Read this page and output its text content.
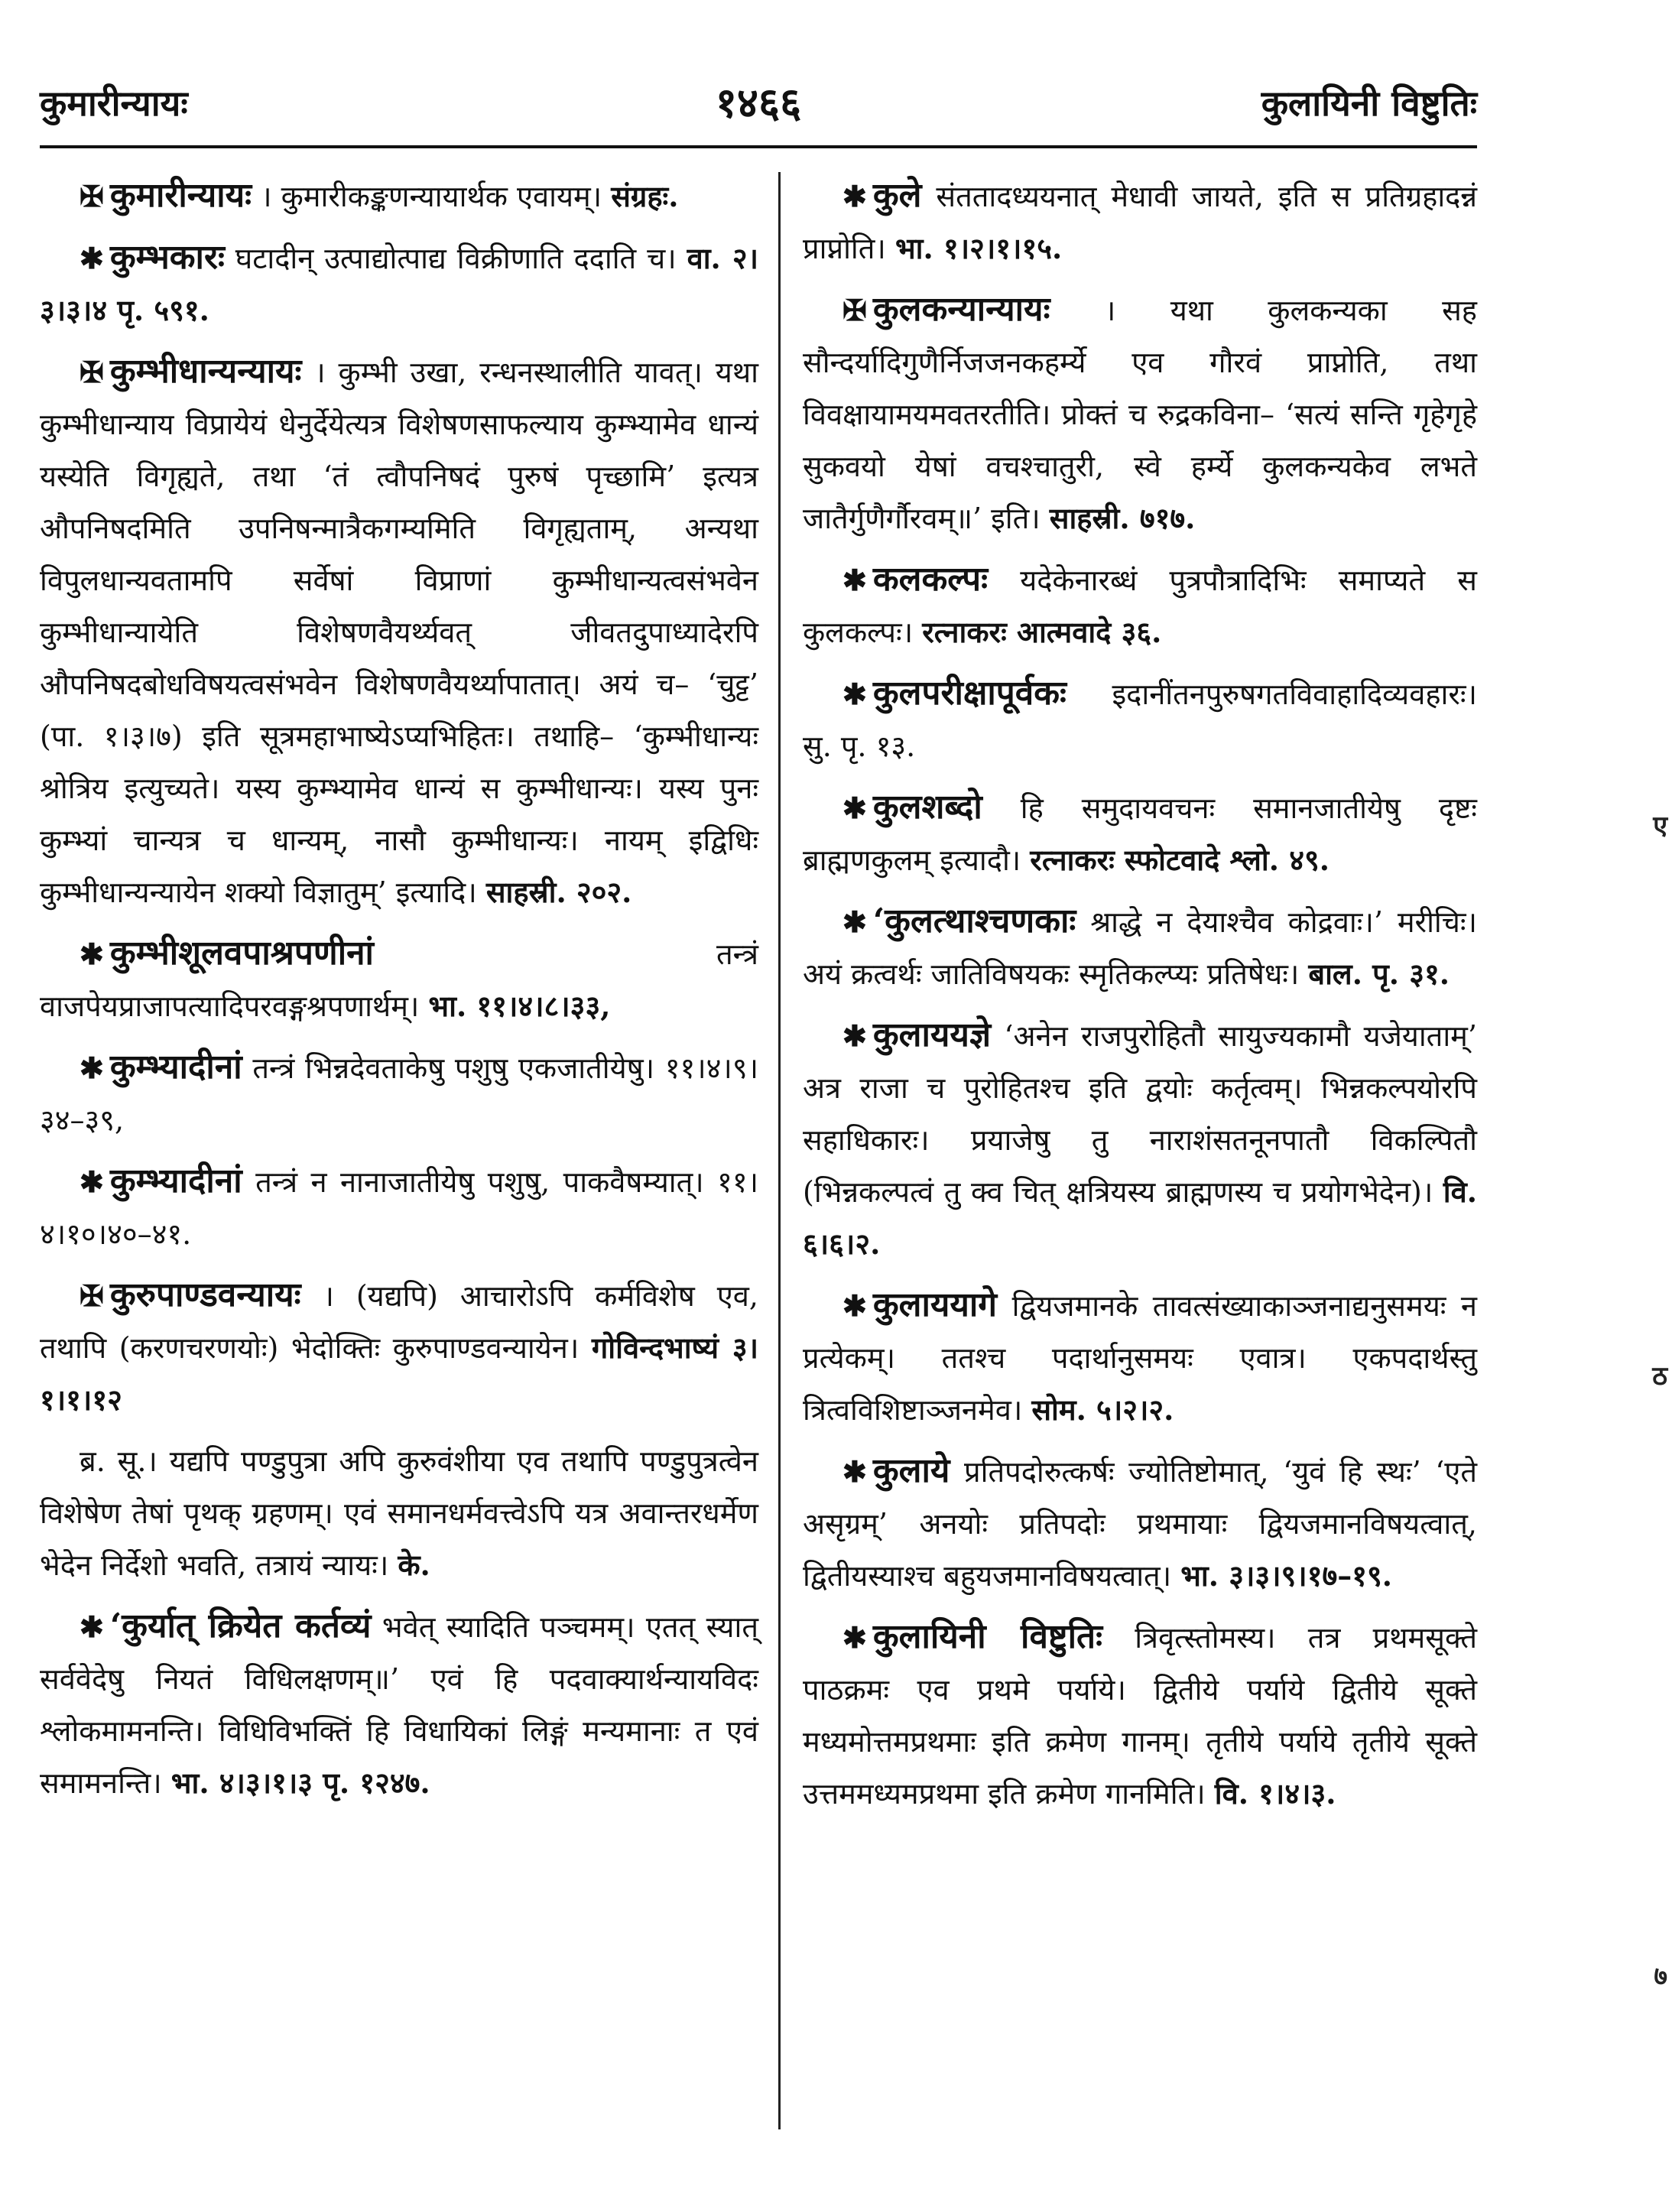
कुमारीन्यायः	१४६६	कुलायिनी विष्टुतिः

✠ कुमारीन्यायः । कुमारीकङ्कणन्यायार्थक एवायम्। संग्रहः.

✱ कुम्भकारः घटादीन् उत्पाद्योत्पाद्य विक्रीणाति ददाति च। वा. २।३।३।४ पृ. ५९१.

✠ कुम्भीधान्यन्यायः । कुम्भी उखा, रन्धनस्थालीति यावत्। यथा कुम्भीधान्याय विप्रायेयं धेनुर्देयेत्यत्र विशेषणसाफल्याय कुम्भ्यामेव धान्यं यस्येति विगृह्यते, तथा ‘तं त्वौपनिषदं पुरुषं पृच्छामि’ इत्यत्र औपनिषदमिति उपनिषन्मात्रैकगम्यमिति विगृह्यताम्, अन्यथा विपुलधान्यवतामपि सर्वेषां विप्राणां कुम्भीधान्यत्वसंभवेन कुम्भीधान्यायेति विशेषणवैयर्थ्यवत् जीवतदुपाध्यादेरपि औपनिषदबोधविषयत्वसंभवेन विशेषणवैयर्थ्यापातात्। अयं च– ‘चुट्ट’ (पा. १।३।७) इति सूत्रमहाभाष्येऽप्यभिहितः। तथाहि– ‘कुम्भीधान्यः श्रोत्रिय इत्युच्यते। यस्य कुम्भ्यामेव धान्यं स कुम्भीधान्यः। यस्य पुनः कुम्भ्यां चान्यत्र च धान्यम्, नासौ कुम्भीधान्यः। नायम् इद्विधिः कुम्भीधान्यन्यायेन शक्यो विज्ञातुम्’ इत्यादि। साहस्री. २०२.

✱ कुम्भीशूलवपाश्रपणीनां	तन्त्रं वाजपेयप्राजापत्यादिपरवङ्गश्रपणार्थम्। भा. ११।४।८।३३,

✱ कुम्भ्यादीनां तन्त्रं भिन्नदेवताकेषु पशुषु एकजातीयेषु। ११।४।९।३४–३९,

✱ कुम्भ्यादीनां तन्त्रं न नानाजातीयेषु पशुषु, पाकवैषम्यात्। ११।४।१०।४०–४१.

✠ कुरुपाण्डवन्यायः । (यद्यपि) आचारोऽपि कर्मविशेष एव, तथापि (करणचरणयोः) भेदोक्तिः कुरुपाण्डवन्यायेन। गोविन्दभाष्यं ३।१।१।१२

ब्र. सू.। यद्यपि पण्डुपुत्रा अपि कुरुवंशीया एव तथापि पण्डुपुत्रत्वेन विशेषेण तेषां पृथक् ग्रहणम्। एवं समानधर्मवत्त्वेऽपि यत्र अवान्तरधर्मेण भेदेन निर्देशो भवति, तत्रायं न्यायः। के.

✱ ‘कुर्यात् क्रियेत कर्तव्यं भवेत् स्यादिति पञ्चमम्। एतत् स्यात् सर्ववेदेषु नियतं विधिलक्षणम्॥’ एवं हि पदवाक्यार्थन्यायविदः श्लोकमामनन्ति। विधिविभक्तिं हि विधायिकां लिङ्गं मन्यमानाः त एवं समामनन्ति। भा. ४।३।१।३ पृ. १२४७.

✱ कुले संततादध्ययनात् मेधावी जायते, इति स प्रतिग्रहादन्नं प्राप्नोति। भा. १।२।१।१५.

✠ कुलकन्यान्यायः । यथा कुलकन्यका सह सौन्दर्यादिगुणैर्निजजनकहर्म्ये एव गौरवं प्राप्नोति, तथा विवक्षायामयमवतरतीति। प्रोक्तं च रुद्रकविना– ‘सत्यं सन्ति गृहेगृहे सुकवयो येषां वचश्चातुरी, स्वे हर्म्ये कुलकन्यकेव लभते जातैर्गुणैर्गौरवम्॥’ इति। साहस्री. ७१७.

✱ कलकल्पः यदेकेनारब्धं पुत्रपौत्रादिभिः समाप्यते स कुलकल्पः। रत्नाकरः आत्मवादे ३६.

✱ कुलपरीक्षापूर्वकः इदानींतनपुरुषगतविवाहादिव्यवहारः। सु. पृ. १३.

✱ कुलशब्दो हि समुदायवचनः समानजातीयेषु दृष्टः ब्राह्मणकुलम् इत्यादौ। रत्नाकरः स्फोटवादे श्लो. ४९.

✱ ‘कुलत्थाश्चणकाः श्राद्धे न देयाश्चैव कोद्रवाः।’ मरीचिः। अयं क्रत्वर्थः जातिविषयकः स्मृतिकल्प्यः प्रतिषेधः। बाल. पृ. ३१.

✱ कुलाययज्ञे ‘अनेन राजपुरोहितौ सायुज्यकामौ यजेयाताम्’ अत्र राजा च पुरोहितश्च इति द्वयोः कर्तृत्वम्। भिन्नकल्पयोरपि सहाधिकारः। प्रयाजेषु तु नाराशंसतनूनपातौ विकल्पितौ (भिन्नकल्पत्वं तु क्व चित् क्षत्रियस्य ब्राह्मणस्य च प्रयोगभेदेन)। वि. ६।६।२.

✱ कुलाययागे द्वियजमानके तावत्संख्याकाञ्जनाद्यनुसमयः न प्रत्येकम्। ततश्च पदार्थानुसमयः एवात्र। एकपदार्थस्तु त्रित्वविशिष्टाञ्जनमेव। सोम. ५।२।२.

✱ कुलाये प्रतिपदोरुत्कर्षः ज्योतिष्टोमात्, ‘युवं हि स्थः’ ‘एते असृग्रम्’ अनयोः प्रतिपदोः प्रथमायाः द्वियजमानविषयत्वात्, द्वितीयस्याश्च बहुयजमानविषयत्वात्। भा. ३।३।९।१७–१९.

✱ कुलायिनी विष्टुतिः त्रिवृत्स्तोमस्य। तत्र प्रथमसूक्ते पाठक्रमः एव प्रथमे पर्याये। द्वितीये पर्याये द्वितीये सूक्ते मध्यमोत्तमप्रथमाः इति क्रमेण गानम्। तृतीये पर्याये तृतीये सूक्ते उत्तममध्यमप्रथमा इति क्रमेण गानमिति। वि. १।४।३.

ए
ठ
७
